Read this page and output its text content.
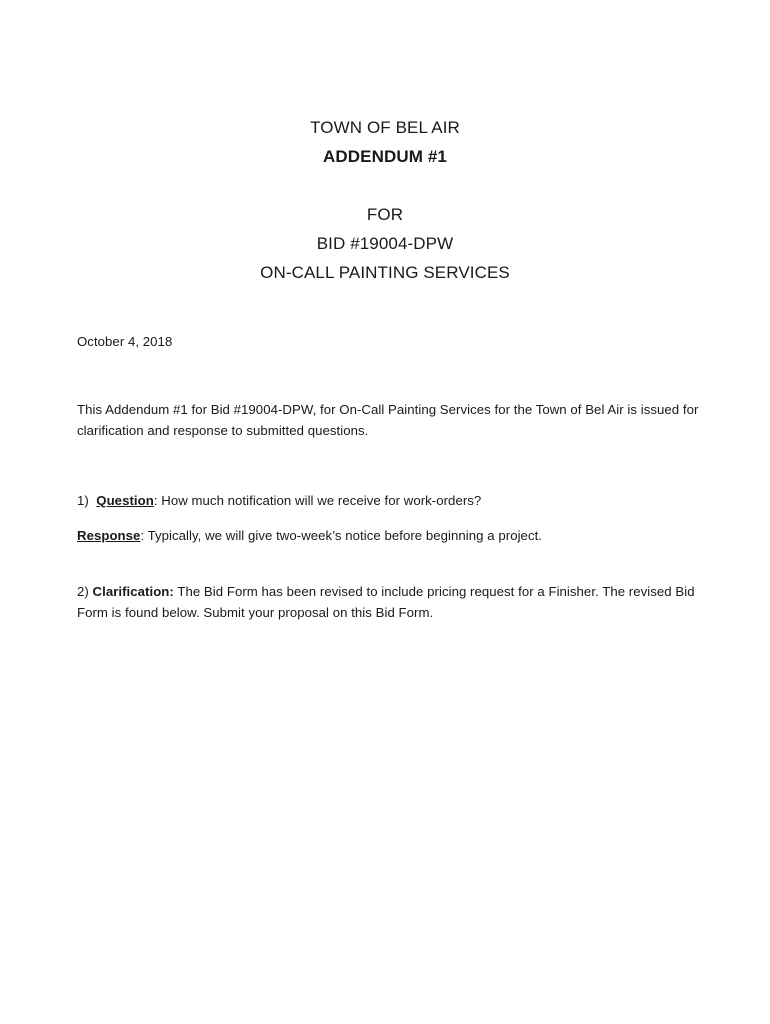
TOWN OF BEL AIR
ADDENDUM #1
FOR
BID #19004-DPW
ON-CALL PAINTING SERVICES
October 4, 2018
This Addendum #1 for Bid #19004-DPW, for On-Call Painting Services for the Town of Bel Air is issued for clarification and response to submitted questions.
1) Question: How much notification will we receive for work-orders?
Response: Typically, we will give two-week’s notice before beginning a project.
2) Clarification: The Bid Form has been revised to include pricing request for a Finisher. The revised Bid Form is found below. Submit your proposal on this Bid Form.
